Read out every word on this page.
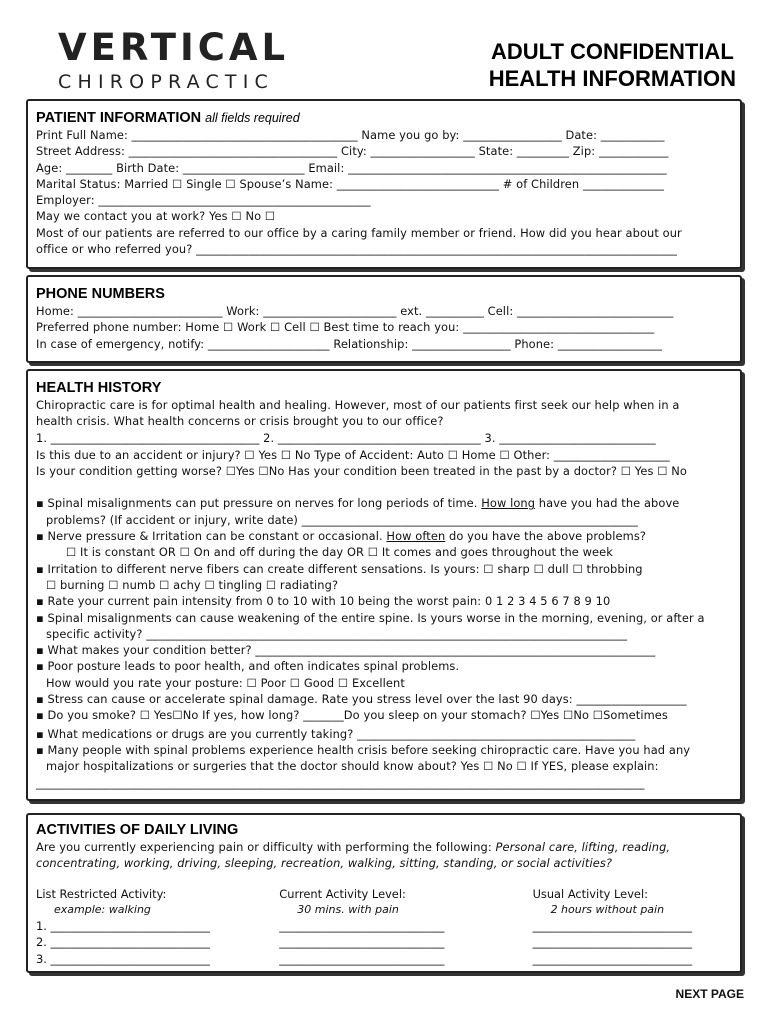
VERTICAL
CHIROPRACTIC
ADULT CONFIDENTIAL
HEALTH INFORMATION
PATIENT INFORMATION all fields required
Print Full Name: _______________________________________ Name you go by: _________________ Date: ___________
Street Address: ____________________________________ City: __________________ State: _________ Zip: ____________
Age: ________ Birth Date: _____________________ Email: _______________________________________________________
Marital Status: Married ☐ Single ☐ Spouse’s Name: ____________________________ # of Children ______________
Employer: _______________________________________________
May we contact you at work? Yes ☐ No ☐
Most of our patients are referred to our office by a caring family member or friend. How did you hear about our
office or who referred you? ___________________________________________________________________________________
PHONE NUMBERS
Home: _________________________ Work: _______________________ ext. __________ Cell: ___________________________
Preferred phone number: Home ☐ Work ☐ Cell ☐ Best time to reach you: _________________________________
In case of emergency, notify: _____________________ Relationship: _________________ Phone: __________________
HEALTH HISTORY
Chiropractic care is for optimal health and healing. However, most of our patients first seek our help when in a
health crisis. What health concerns or crisis brought you to our office?
1. ____________________________________ 2. ___________________________________ 3. ___________________________
Is this due to an accident or injury? ☐ Yes ☐ No Type of Accident: Auto ☐ Home ☐ Other: ____________________
Is your condition getting worse? ☐Yes ☐No Has your condition been treated in the past by a doctor? ☐ Yes ☐ No
▪ Spinal misalignments can put pressure on nerves for long periods of time. How long have you had the above
problems? (If accident or injury, write date) __________________________________________________________
▪ Nerve pressure & Irritation can be constant or occasional. How often do you have the above problems?
☐ It is constant OR ☐ On and off during the day OR ☐ It comes and goes throughout the week
▪ Irritation to different nerve fibers can create different sensations. Is yours: ☐ sharp ☐ dull ☐ throbbing
☐ burning ☐ numb ☐ achy ☐ tingling ☐ radiating?
▪ Rate your current pain intensity from 0 to 10 with 10 being the worst pain: 0 1 2 3 4 5 6 7 8 9 10
▪ Spinal misalignments can cause weakening of the entire spine. Is yours worse in the morning, evening, or after a
specific activity? ___________________________________________________________________________________
▪ What makes your condition better? _____________________________________________________________________
▪ Poor posture leads to poor health, and often indicates spinal problems.
How would you rate your posture: ☐ Poor ☐ Good ☐ Excellent
▪ Stress can cause or accelerate spinal damage. Rate you stress level over the last 90 days: ___________________
▪ Do you smoke? ☐ Yes☐No If yes, how long? _______Do you sleep on your stomach? ☐Yes ☐No ☐Sometimes
▪ What medications or drugs are you currently taking? ________________________________________________
▪ Many people with spinal problems experience health crisis before seeking chiropractic care. Have you had any
major hospitalizations or surgeries that the doctor should know about? Yes ☐ No ☐ If YES, please explain:
_________________________________________________________________________________________________________
ACTIVITIES OF DAILY LIVING
Are you currently experiencing pain or difficulty with performing the following: Personal care, lifting, reading,
concentrating, working, driving, sleeping, recreation, walking, sitting, standing, or social activities?
List Restricted Activity:
example: walking
1. ____________________________
2. ____________________________
3. ____________________________
Current Activity Level:
30 mins. with pain
_____________________________
_____________________________
_____________________________
Usual Activity Level:
2 hours without pain
____________________________
____________________________
____________________________
NEXT PAGE
